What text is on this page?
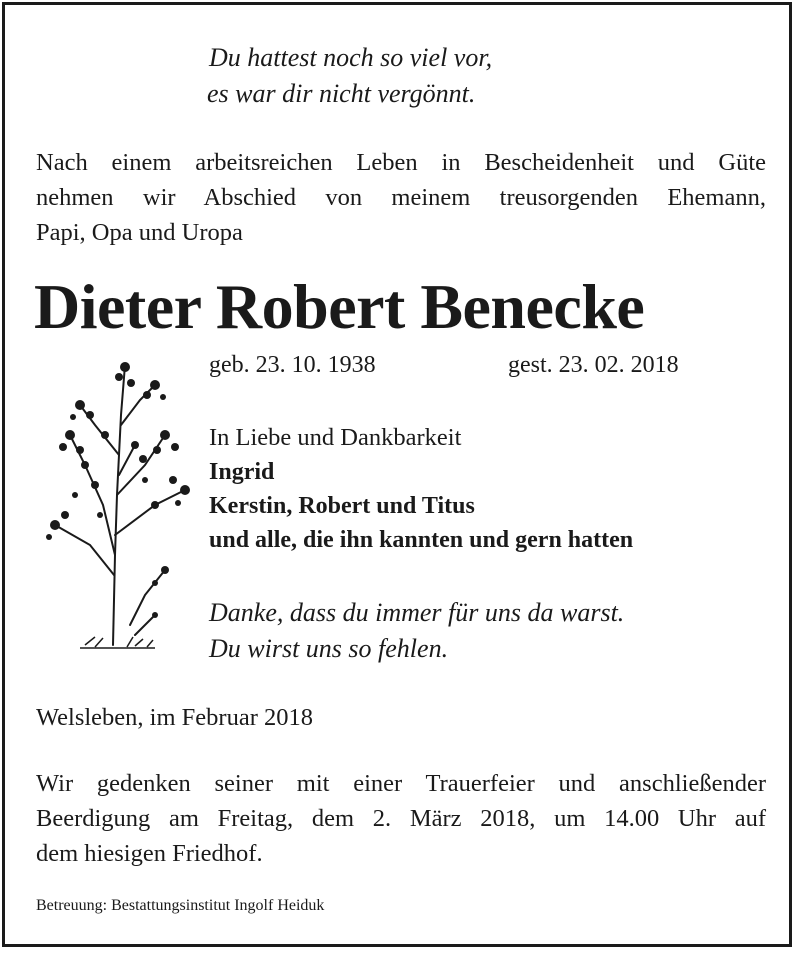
Du hattest noch so viel vor,
es war dir nicht vergönnt.
Nach einem arbeitsreichen Leben in Bescheidenheit und Güte
nehmen wir Abschied von meinem treusorgenden Ehemann,
Papi, Opa und Uropa
Dieter Robert Benecke
geb. 23. 10. 1938	gest. 23. 02. 2018
In Liebe und Dankbarkeit
Ingrid
Kerstin, Robert und Titus
und alle, die ihn kannten und gern hatten
Danke, dass du immer für uns da warst.
Du wirst uns so fehlen.
Welsleben, im Februar 2018
Wir gedenken seiner mit einer Trauerfeier und anschließender
Beerdigung am Freitag, dem 2. März 2018, um 14.00 Uhr auf
dem hiesigen Friedhof.
Betreuung: Bestattungsinstitut Ingolf Heiduk
